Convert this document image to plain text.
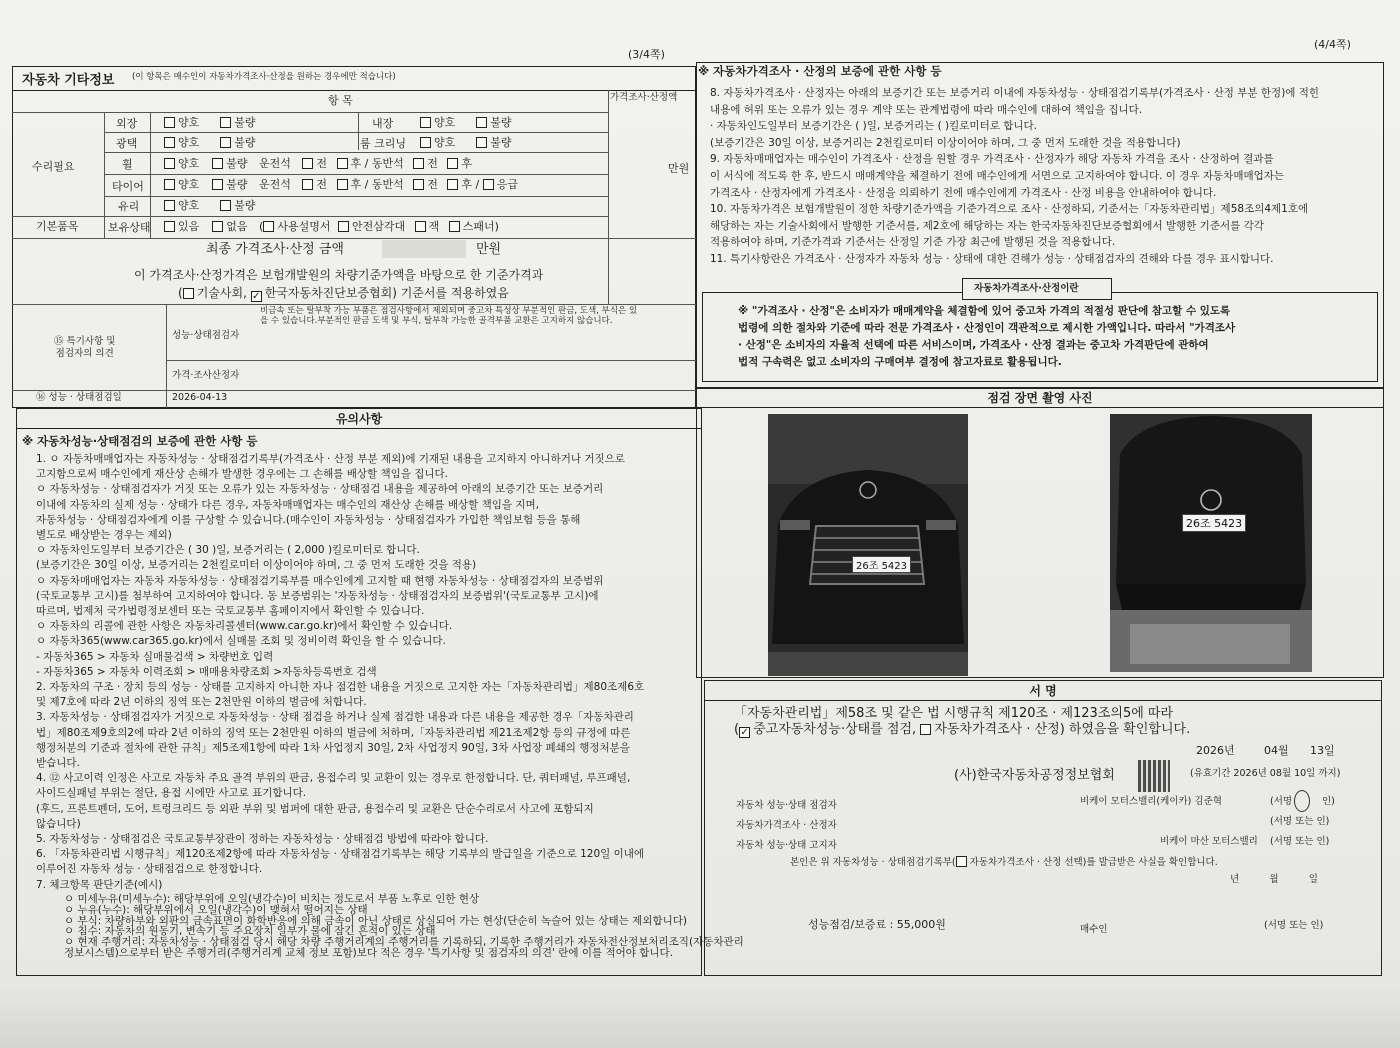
(3/4쪽)
(4/4쪽)
자동차 기타정보 (이 항목은 매수인이 자동차가격조사·산정을 원하는 경우에만 적습니다)
항 목	가격조사·산정액
수리필요
기본품목
만원
외장	양호	불량	내장	양호	불량
광택	양호	불량	룸 크리닝	양호	불량
휠	양호 불량 운전석 전 후 / 동반석 전 후
타이어	양호 불량 운전석 전 후 / 동반석 전 후 / 응급
유리	양호	불량
보유상태	있음 없음 ( 사용설명서 안전삼각대 잭 스패너)
최종 가격조사·산정 금액	만원
이 가격조사·산정가격은 보험개발원의 차량기준가액을 바탕으로 한 기준가격과
( 기술사회, ✓한국자동차진단보증협회) 기준서를 적용하였음
비금속 또는 탈부착 가능 부품은 점검사항에서 제외되며 중고차 특성상 부분적인 판금, 도색, 부식은 있
을 수 있습니다.부분적인 판금 도색 및 부식, 탈부착 가능한 골격부품 교환은 고지하지 않습니다.
⑮ 특기사항 및
점검자의 의견
성능·상태점검자
가격·조사산정자
⑯ 성능 · 상태점검일	2026-04-13
유의사항
※ 자동차성능·상태점검의 보증에 관한 사항 등
1. ㅇ 자동차매매업자는 자동차성능 · 상태점검기록부(가격조사 · 산정 부분 제외)에 기재된 내용을 고지하지 아니하거나 거짓으로
고지함으로써 매수인에게 재산상 손해가 발생한 경우에는 그 손해를 배상할 책임을 집니다.
ㅇ 자동차성능 · 상태점검자가 거짓 또는 오류가 있는 자동차성능 · 상태점검 내용을 제공하여 아래의 보증기간 또는 보증거리
이내에 자동차의 실제 성능 · 상태가 다른 경우, 자동차매매업자는 매수인의 재산상 손해를 배상할 책임을 지며,
자동차성능 · 상태점검자에게 이를 구상할 수 있습니다.(매수인이 자동차성능 · 상태점검자가 가입한 책임보험 등을 통해
별도로 배상받는 경우는 제외)
ㅇ 자동차인도일부터 보증기간은 ( 30 )일, 보증거리는 ( 2,000 )킬로미터로 합니다.
(보증기간은 30일 이상, 보증거리는 2천킬로미터 이상이어야 하며, 그 중 먼저 도래한 것을 적용)
ㅇ 자동차매매업자는 자동차 자동차성능 · 상태점검기록부를 매수인에게 고지할 때 현행 자동차성능 · 상태점검자의 보증범위
(국토교통부 고시)를 첨부하여 고지하여야 합니다. 동 보증범위는 '자동차성능 · 상태점검자의 보증범위'(국토교통부 고시)에
따르며, 법제처 국가법령정보센터 또는 국토교통부 홈페이지에서 확인할 수 있습니다.
ㅇ 자동차의 리콜에 관한 사항은 자동차리콜센터(www.car.go.kr)에서 확인할 수 있습니다.
ㅇ 자동차365(www.car365.go.kr)에서 실매물 조회 및 정비이력 확인을 할 수 있습니다.
- 자동차365 > 자동차 실매물검색 > 차량번호 입력
- 자동차365 > 자동차 이력조회 > 매매용차량조회 >자동차등록번호 검색
2. 자동차의 구조 · 장치 등의 성능 · 상태를 고지하지 아니한 자나 점검한 내용을 거짓으로 고지한 자는「자동차관리법」제80조제6호
및 제7호에 따라 2년 이하의 징역 또는 2천만원 이하의 벌금에 처합니다.
3. 자동차성능 · 상태점검자가 거짓으로 자동차성능 · 상태 점검을 하거나 실제 점검한 내용과 다른 내용을 제공한 경우「자동차관리
법」제80조제9호의2에 따라 2년 이하의 징역 또는 2천만원 이하의 벌금에 처하며,「자동차관리법 제21조제2항 등의 규정에 따른
행정처분의 기준과 절차에 관한 규칙」제5조제1항에 따라 1차 사업정지 30일, 2차 사업정지 90일, 3차 사업장 폐쇄의 행정처분을
받습니다.
4. ⑫ 사고이력 인정은 사고로 자동차 주요 골격 부위의 판금, 용접수리 및 교환이 있는 경우로 한정합니다. 단, 쿼터패널, 루프패널,
사이드실패널 부위는 절단, 용접 시에만 사고로 표기합니다.
(후드, 프론트펜더, 도어, 트렁크리드 등 외판 부위 및 범퍼에 대한 판금, 용접수리 및 교환은 단순수리로서 사고에 포함되지
않습니다)
5. 자동차성능 · 상태점검은 국토교통부장관이 정하는 자동차성능 · 상태점검 방법에 따라야 합니다.
6. 「자동차관리법 시행규칙」제120조제2항에 따라 자동차성능 · 상태점검기록부는 해당 기록부의 발급일을 기준으로 120일 이내에
이루어진 자동차 성능 · 상태점검으로 한정합니다.
7. 체크항목 판단기준(예시)
ㅇ 미세누유(미세누수): 해당부위에 오일(냉각수)이 비치는 정도로서 부품 노후로 인한 현상
ㅇ 누유(누수): 해당부위에서 오일(냉각수)이 맺혀서 떨어지는 상태
ㅇ 부식: 차량하부와 외판의 금속표면이 화학반응에 의해 금속이 아닌 상태로 상실되어 가는 현상(단순히 녹슬어 있는 상태는 제외합니다)
ㅇ 침수: 자동차의 원동기, 변속기 등 주요장치 일부가 물에 잠긴 흔적이 있는 상태
ㅇ 현재 주행거리: 자동차성능 · 상태점검 당시 해당 차량 주행거리계의 주행거리를 기록하되, 기록한 주행거리가 자동차전산정보처리조직(자동차관리
정보시스템)으로부터 받은 주행거리(주행거리계 교체 정보 포함)보다 적은 경우 '특기사항 및 점검자의 의견' 란에 이를 적어야 합니다.
※ 자동차가격조사 · 산정의 보증에 관한 사항 등
8. 자동차가격조사 · 산정자는 아래의 보증기간 또는 보증거리 이내에 자동차성능 · 상태점검기록부(가격조사 · 산정 부분 한정)에 적힌
내용에 허위 또는 오류가 있는 경우 계약 또는 관계법령에 따라 매수인에 대하여 책임을 집니다.
· 자동차인도일부터 보증기간은 ( )일, 보증거리는 ( )킬로미터로 합니다.
(보증기간은 30일 이상, 보증거리는 2천킬로미터 이상이어야 하며, 그 중 먼저 도래한 것을 적용합니다)
9. 자동차매매업자는 매수인이 가격조사 · 산정을 원할 경우 가격조사 · 산정자가 해당 자동차 가격을 조사 · 산정하여 결과를
이 서식에 적도록 한 후, 반드시 매매계약을 체결하기 전에 매수인에게 서면으로 고지하여야 합니다. 이 경우 자동차매매업자는
가격조사 · 산정자에게 가격조사 · 산정을 의뢰하기 전에 매수인에게 가격조사 · 산정 비용을 안내하여야 합니다.
10. 자동차가격은 보험개발원이 정한 차량기준가액을 기준가격으로 조사 · 산정하되, 기준서는「자동차관리법」제58조의4제1호에
해당하는 자는 기술사회에서 발행한 기준서를, 제2호에 해당하는 자는 한국자동차진단보증협회에서 발행한 기준서를 각각
적용하여야 하며, 기준가격과 기준서는 산정일 기준 가장 최근에 발행된 것을 적용합니다.
11. 특기사항란은 가격조사 · 산정자가 자동차 성능 · 상태에 대한 견해가 성능 · 상태점검자의 견해와 다를 경우 표시합니다.
자동차가격조사·산정이란
※ "가격조사 · 산정"은 소비자가 매매계약을 체결함에 있어 중고차 가격의 적절성 판단에 참고할 수 있도록
법령에 의한 절차와 기준에 따라 전문 가격조사 · 산정인이 객관적으로 제시한 가액입니다. 따라서 "가격조사
· 산정"은 소비자의 자율적 선택에 따른 서비스이며, 가격조사 · 산정 결과는 중고차 가격판단에 관하여
법적 구속력은 없고 소비자의 구매여부 결정에 참고자료로 활용됩니다.
점검 장면 촬영 사진
26조 5423
26조 5423
서 명
「자동차관리법」제58조 및 같은 법 시행규칙 제120조 · 제123조의5에 따라
(✓ 중고자동차성능·상태를 점검, 자동차가격조사 · 산정) 하였음을 확인합니다.
2026년	04월 13일
(사)한국자동차공정정보협회	(유효기간 2026년 08월 10일 까지)
자동차 성능·상태 점검자	비케이 모터스밸리(케이카) 김준혁	(서명	인)
자동차가격조사 · 산정자	(서명 또는 인)
자동차 성능·상태 고지자	비케이 마산 모터스밸리 (서명 또는 인)
본인은 위 자동차성능 · 상태점검기록부( 자동차가격조사 · 산정 선택)를 발급받은 사실을 확인합니다.
년          월          일
성능점검/보증료 : 55,000원	매수인	(서명 또는 인)
